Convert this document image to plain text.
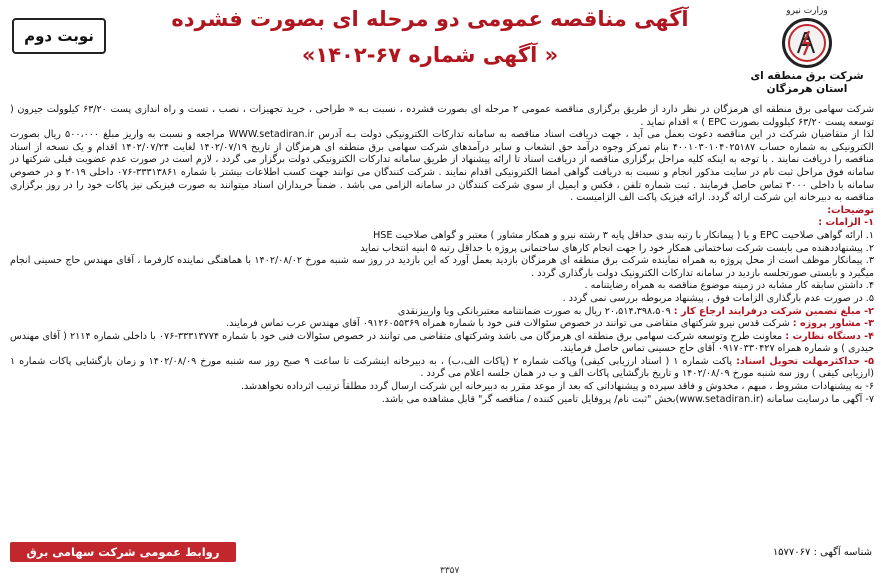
وزارت نیرو
شرکت برق منطقه ای
استان هرمزگان
آگهی مناقصه عمومی دو مرحله ای بصورت فشرده
« آگهی شماره ۶۷-۱۴۰۲»
نوبت دوم

شرکت سهامی برق منطقه ای هرمزگان در نظر دارد از طریق برگزاری مناقصه عمومی ۲ مرحله ای بصورت فشرده ، نسبت بـه « طراحی ، خرید تجهیزات ، نصب ، تست و راه اندازی پست ۶۳/۲۰ کیلوولت جیرون ( توسعه پست ۶۳/۲۰ کیلوولت بصورت EPC ) » اقدام نماید .

لذا از متقاضیان شرکت در این مناقصه دعوت بعمل می آید ، جهت دریافت اسناد مناقصه به سامانه تدارکات الکترونیکی دولت بـه آدرس WWW.setadiran.ir مراجعه و نسبت به واریز مبلغ ۵۰۰،۰۰۰ ریال بصورت الکترونیکی به شماره حساب ۴۰۰۱۰۳۰۱۰۴۰۲۵۱۸۷ بنام تمرکز وجوه درآمد حق انشعاب و سایر درآمدهای شرکت سهامی برق منطقه ای هرمزگان از تاریخ ۱۴۰۲/۰۷/۱۹ لغایت ۱۴۰۲/۰۷/۲۴ اقدام و یک نسخه از اسناد مناقصه را دریافت نمایند . با توجه به اینکه کلیه مراحل برگزاری مناقصه از دریافت اسناد تا ارائه پیشنهاد از طریق سامانه تدارکات الکترونیکی دولت برگزار می گردد ، لازم است در صورت عدم عضویت قبلی شرکتها در سامانه فوق مراحل ثبت نام در سایت مذکور انجام و نسبت به دریافت گواهی امضا الکترونیکی اقدام نمایند . شرکت کنندگان می توانند جهت کسب اطلاعات بیشتر با شماره ۳۳۳۱۳۸۶۱-۰۷۶ داخلی ۲۰۱۹ و در خصوص سامانه با داخلی ۳۰۰۰ تماس حاصل فرمایند . ثبت شماره تلفن ، فکس و ایمیل از سوی شرکت کنندگان در سامانه الزامی می باشد . ضمناً خریداران اسناد میتوانند به صورت فیزیکی نیز پاکات خود را در روز برگزاری مناقصه به دبیرخانه این شرکت ارائه گردد. ارائه فیزیک پاکت الف الزامیست .

توضیحات:

۱- الزامات :

۱. ارائه گواهی صلاحیت EPC و یا ( پیمانکار با رتبه بندی حداقل پایه ۳ رشته نیرو و همکار مشاور ) معتبر و گواهی صلاحیت HSE

۲. پیشنهاددهنده می بایست شرکت ساختمانی همکار خود را جهت انجام کارهای ساختمانی پروژه با حداقل رتبه ۵ ابنیه انتخاب نماید

۳. پیمانکار موظف است از محل پروژه به همراه نماینده شرکت برق منطقه ای هرمزگان بازدید بعمل آورد که این بازدید در روز سه شنبه مورخ ۱۴۰۲/۰۸/۰۲ با هماهنگی نماینده کارفرما ، آقای مهندس حاج حسینی انجام میگیرد و بایستی صورتجلسه بازدید در سامانه تدارکات الکترونیک دولت بارگذاری گردد .

۴. داشتن سابقه کار مشابه در زمینه موضوع مناقصه به همراه رضایتنامه .

۵. در صورت عدم بارگذاری الزامات فوق ، پیشنهاد مربوطه بررسی نمی گردد .

۲- مبلغ تضمین شرکت درفرایند ارجاع کار : ۲۰،۵۱۴،۳۹۸،۵۰۹ ریال به صورت ضمانتنامه معتبربانکی ویا وارییزنقدی

۳- مشاور پروژه : شرکت قدس نیرو شرکتهای متقاضی می توانند در خصوص سئوالات فنی خود با شماره همراه ۰۹۱۲۶۰۵۵۳۶۹ آقای مهندس عرب تماس فرمایند.

۴- دستگاه نظارت : معاونت طرح وتوسعه شرکت سهامی برق منطقه ای هرمزگان می باشد وشرکتهای متقاضی می توانند در خصوص سئوالات فنی خود با شماره ۳۳۳۱۳۷۷۴-۰۷۶ با داخلی شماره ۲۱۱۴ ( آقای مهندس حیدری ) و شماره همراه ۰۹۱۷۰۳۳۰۴۲۷ آقای حاج حسینی تماس حاصل فرمایند.

۵- حداکثرمهلت تحویل اسناد: پاکت شماره ۱ ( اسناد ارزیابی کیفی) وپاکت شماره ۲ (پاکات الف،ب) ، به دبیرخانه اینشرکت تا ساعت ۹ صبح روز سه شنبه مورخ ۱۴۰۲/۰۸/۰۹ و زمان بازگشایی پاکات شماره ۱ (ارزیابی کیفی ) روز سه شنبه مورخ ۱۴۰۲/۰۸/۰۹ و تاریخ بازگشایی پاکات الف و ب در همان جلسه اعلام می گردد .

۶- به پیشنهادات مشروط ، مبهم ، مخدوش و فاقد سپرده و پیشنهاداتی که بعد از موعد مقرر به دبیرخانه این شرکت ارسال گردد مطلقاً ترتیب اثرداده نخواهدشد.

۷- آگهی ما درسایت سامانه (www.setadiran.ir)بخش "ثبت نام/ پروفایل تامین کننده / مناقصه گر" قابل مشاهده می باشد.

روابط عمومی شرکت سهامی برق منطقه ای هرمزگان
شناسه آگهی : ۱۵۷۷۰۶۷
۳۳۵۷
